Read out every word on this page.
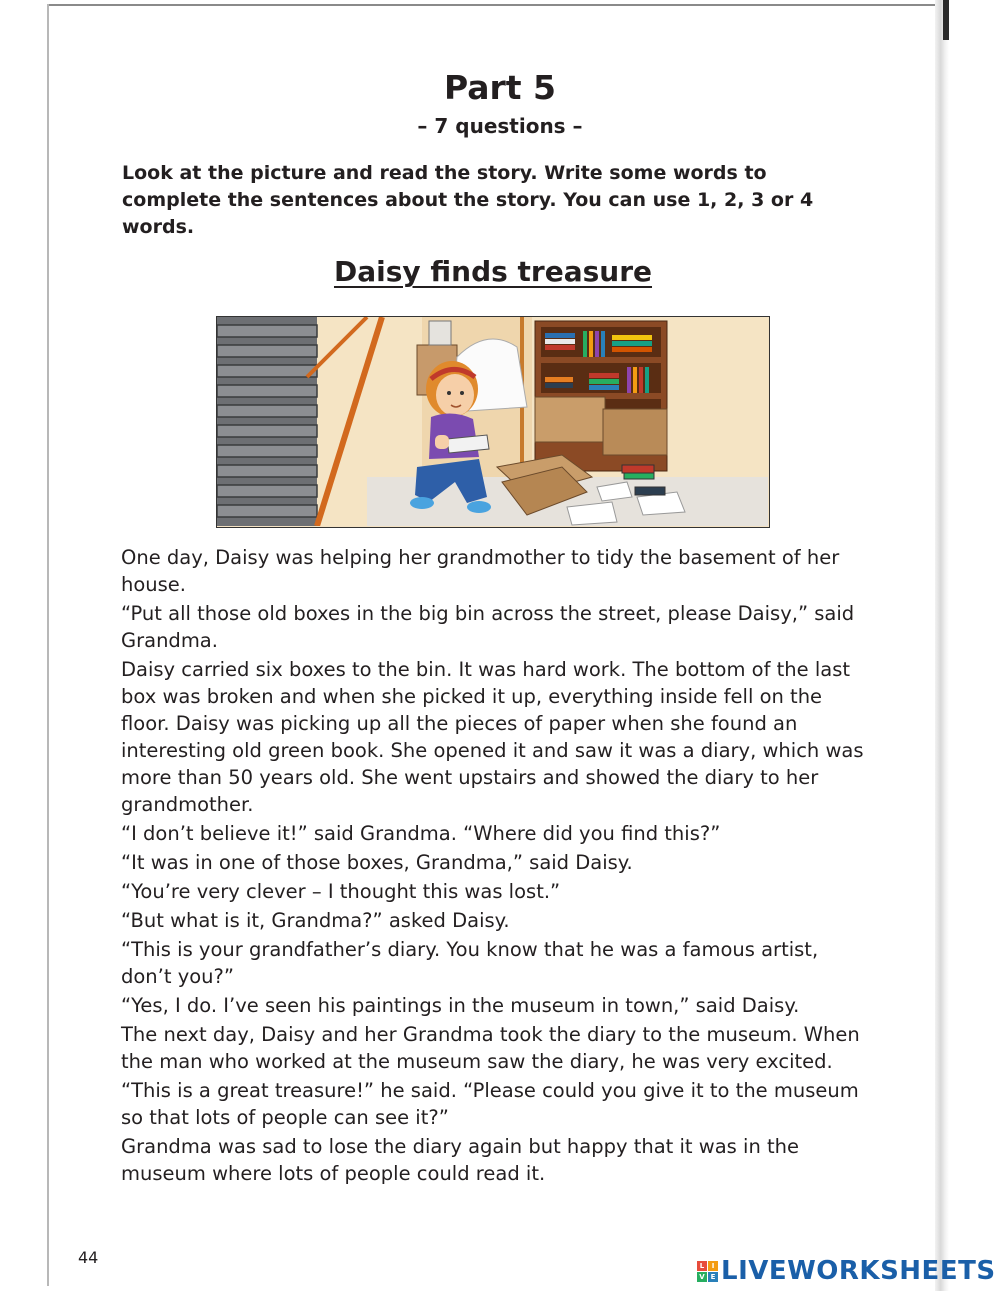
Part 5
– 7 questions –
Look at the picture and read the story. Write some words to complete the sentences about the story. You can use 1, 2, 3 or 4 words.
Daisy finds treasure

One day, Daisy was helping her grandmother to tidy the basement of her house.

“Put all those old boxes in the big bin across the street, please Daisy,” said Grandma.

Daisy carried six boxes to the bin. It was hard work. The bottom of the last box was broken and when she picked it up, everything inside fell on the floor. Daisy was picking up all the pieces of paper when she found an interesting old green book. She opened it and saw it was a diary, which was more than 50 years old. She went upstairs and showed the diary to her grandmother.

“I don’t believe it!” said Grandma. “Where did you find this?”

“It was in one of those boxes, Grandma,” said Daisy.

“You’re very clever – I thought this was lost.”

“But what is it, Grandma?” asked Daisy.

“This is your grandfather’s diary. You know that he was a famous artist, don’t you?”

“Yes, I do. I’ve seen his paintings in the museum in town,” said Daisy.

The next day, Daisy and her Grandma took the diary to the museum. When the man who worked at the museum saw the diary, he was very excited.

“This is a great treasure!” he said. “Please could you give it to the museum so that lots of people can see it?”

Grandma was sad to lose the diary again but happy that it was in the museum where lots of people could read it.

44	L	I
V E LIVEWORKSHEETS
